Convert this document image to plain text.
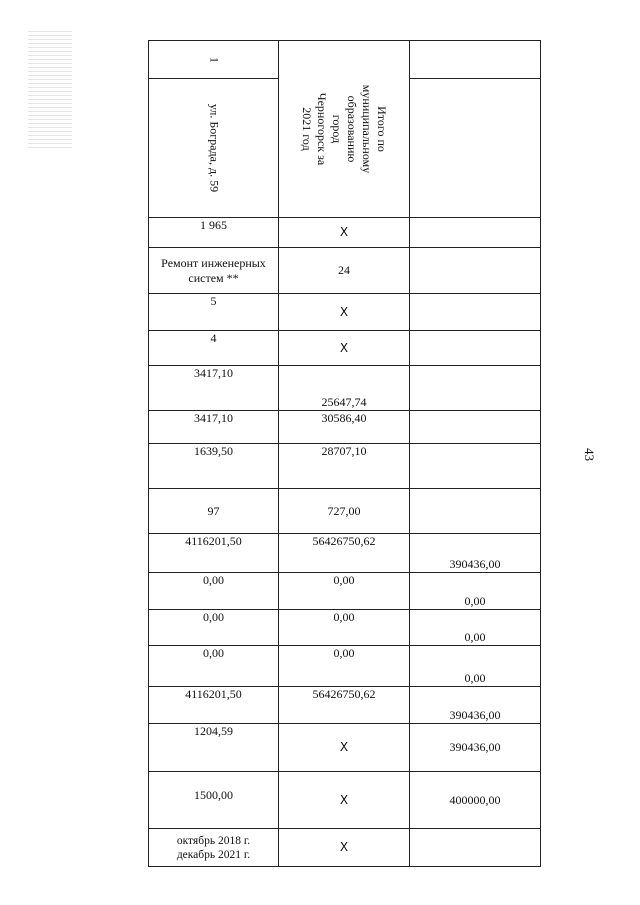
43
1	Итого по муниципальному
образованию город
Черногорск за 2021 год	

ул. Бограда, д. 59		

1 965	X	
Ремонт инженерных систем **	24	
5	X	
4	X	
3417,10	25647,74	
3417,10	30586,40	
1639,50	28707,10	
97	727,00	
4116201,50	56426750,62	390436,00
0,00	0,00	0,00
0,00	0,00	0,00
0,00	0,00	0,00
4116201,50	56426750,62	390436,00
1204,59	X	390436,00
1500,00	X	400000,00
октябрь 2018 г.
декабрь 2021 г.	X	
